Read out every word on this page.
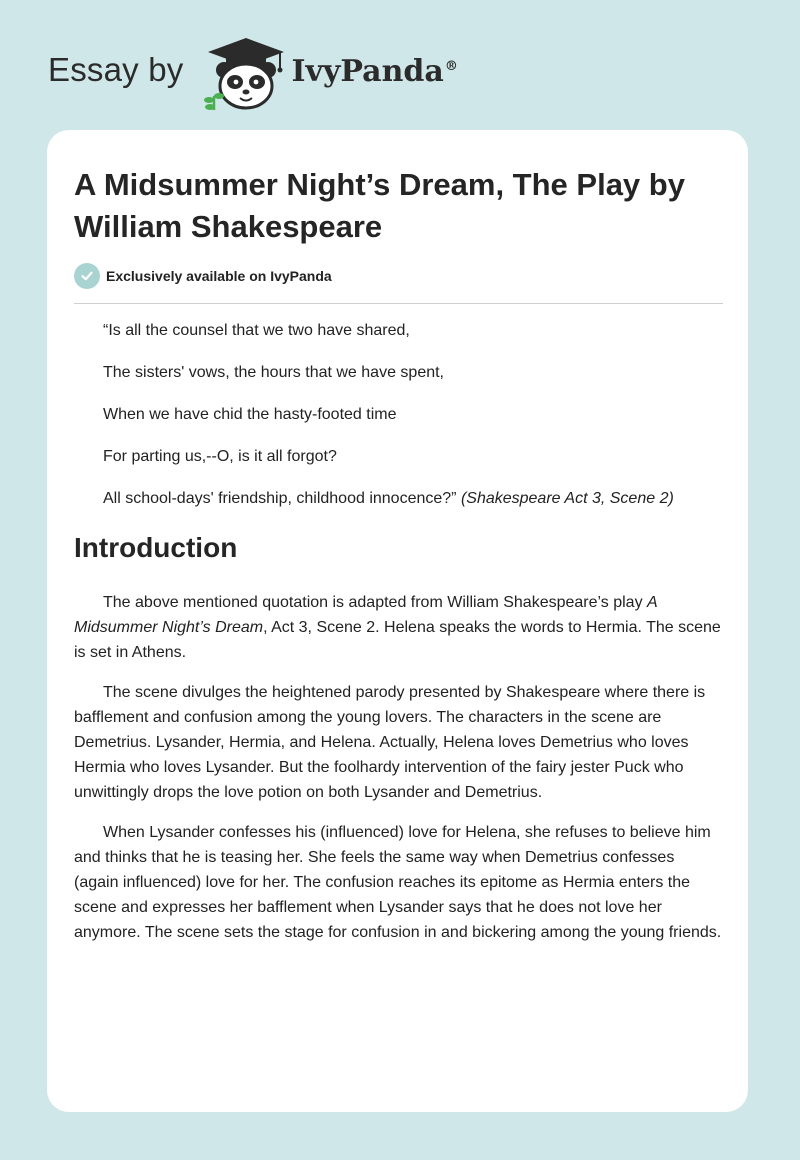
Essay by	IvyPanda®
A Midsummer Night’s Dream, The Play by William Shakespeare
Exclusively available on IvyPanda

“Is all the counsel that we two have shared,

The sisters' vows, the hours that we have spent,

When we have chid the hasty-footed time

For parting us,--O, is it all forgot?

All school-days' friendship, childhood innocence?” (Shakespeare Act 3, Scene 2)

Introduction

The above mentioned quotation is adapted from William Shakespeare’s play A Midsummer Night’s Dream, Act 3, Scene 2. Helena speaks the words to Hermia. The scene is set in Athens.

The scene divulges the heightened parody presented by Shakespeare where there is bafflement and confusion among the young lovers. The characters in the scene are Demetrius. Lysander, Hermia, and Helena. Actually, Helena loves Demetrius who loves Hermia who loves Lysander. But the foolhardy intervention of the fairy jester Puck who unwittingly drops the love potion on both Lysander and Demetrius.

When Lysander confesses his (influenced) love for Helena, she refuses to believe him and thinks that he is teasing her. She feels the same way when Demetrius confesses (again influenced) love for her. The confusion reaches its epitome as Hermia enters the scene and expresses her bafflement when Lysander says that he does not love her anymore. The scene sets the stage for confusion in and bickering among the young friends.
